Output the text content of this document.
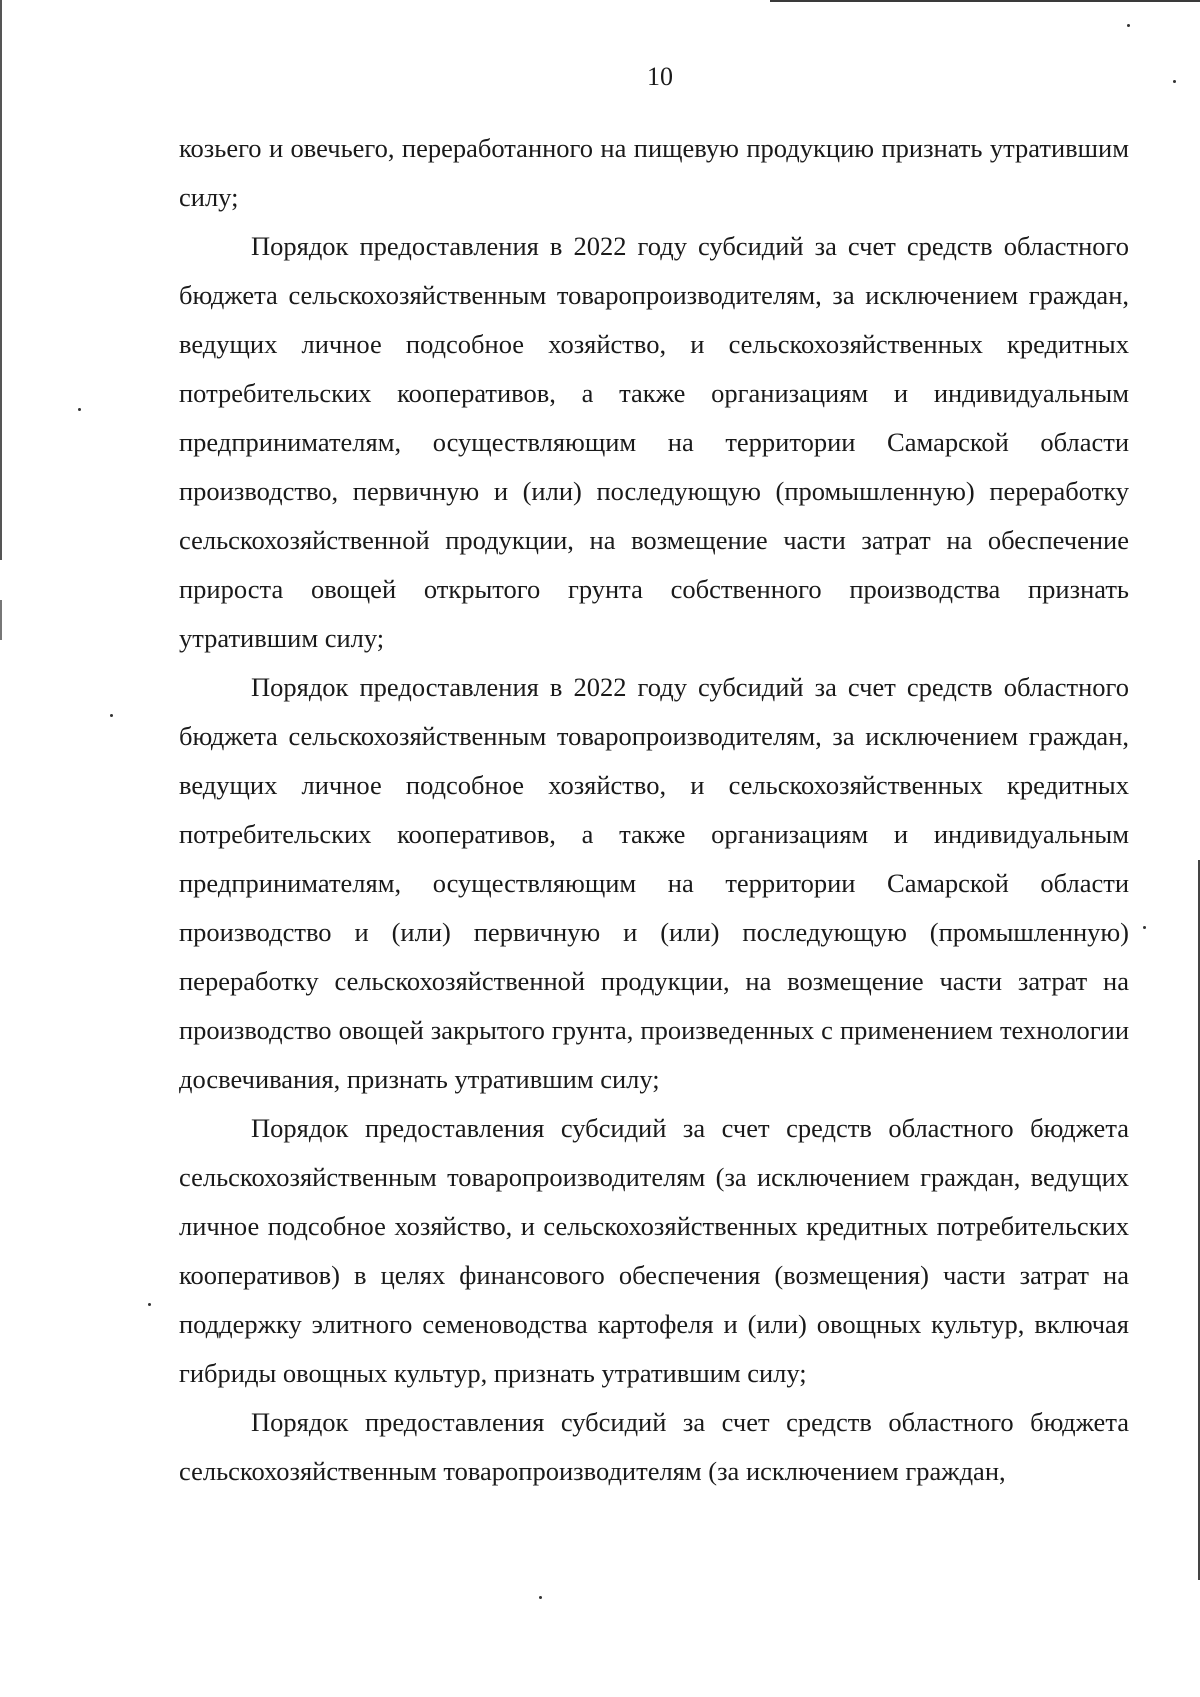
10

козьего и овечьего, переработанного на пищевую продукцию признать утратившим силу;

Порядок предоставления в 2022 году субсидий за счет средств областного бюджета сельскохозяйственным товаропроизводителям, за исключением граждан, ведущих личное подсобное хозяйство, и сельскохозяйственных кредитных потребительских кооперативов, а также организациям и индивидуальным предпринимателям, осуществляющим на территории Самарской области производство, первичную и (или) последующую (промышленную) переработку сельскохозяйственной продукции, на возмещение части затрат на обеспечение прироста овощей открытого грунта собственного производства признать утратившим силу;

Порядок предоставления в 2022 году субсидий за счет средств областного бюджета сельскохозяйственным товаропроизводителям, за исключением граждан, ведущих личное подсобное хозяйство, и сельскохозяйственных кредитных потребительских кооперативов, а также организациям и индивидуальным предпринимателям, осуществляющим на территории Самарской области производство и (или) первичную и (или) последующую (промышленную) переработку сельскохозяйственной продукции, на возмещение части затрат на производство овощей закрытого грунта, произведенных с применением технологии досвечивания, признать утратившим силу;

Порядок предоставления субсидий за счет средств областного бюджета сельскохозяйственным товаропроизводителям (за исключением граждан, ведущих личное подсобное хозяйство, и сельскохозяйственных кредитных потребительских кооперативов) в целях финансового обеспечения (возмещения) части затрат на поддержку элитного семеноводства картофеля и (или) овощных культур, включая гибриды овощных культур, признать утратившим силу;

Порядок предоставления субсидий за счет средств областного бюджета сельскохозяйственным товаропроизводителям (за исключением граждан,
